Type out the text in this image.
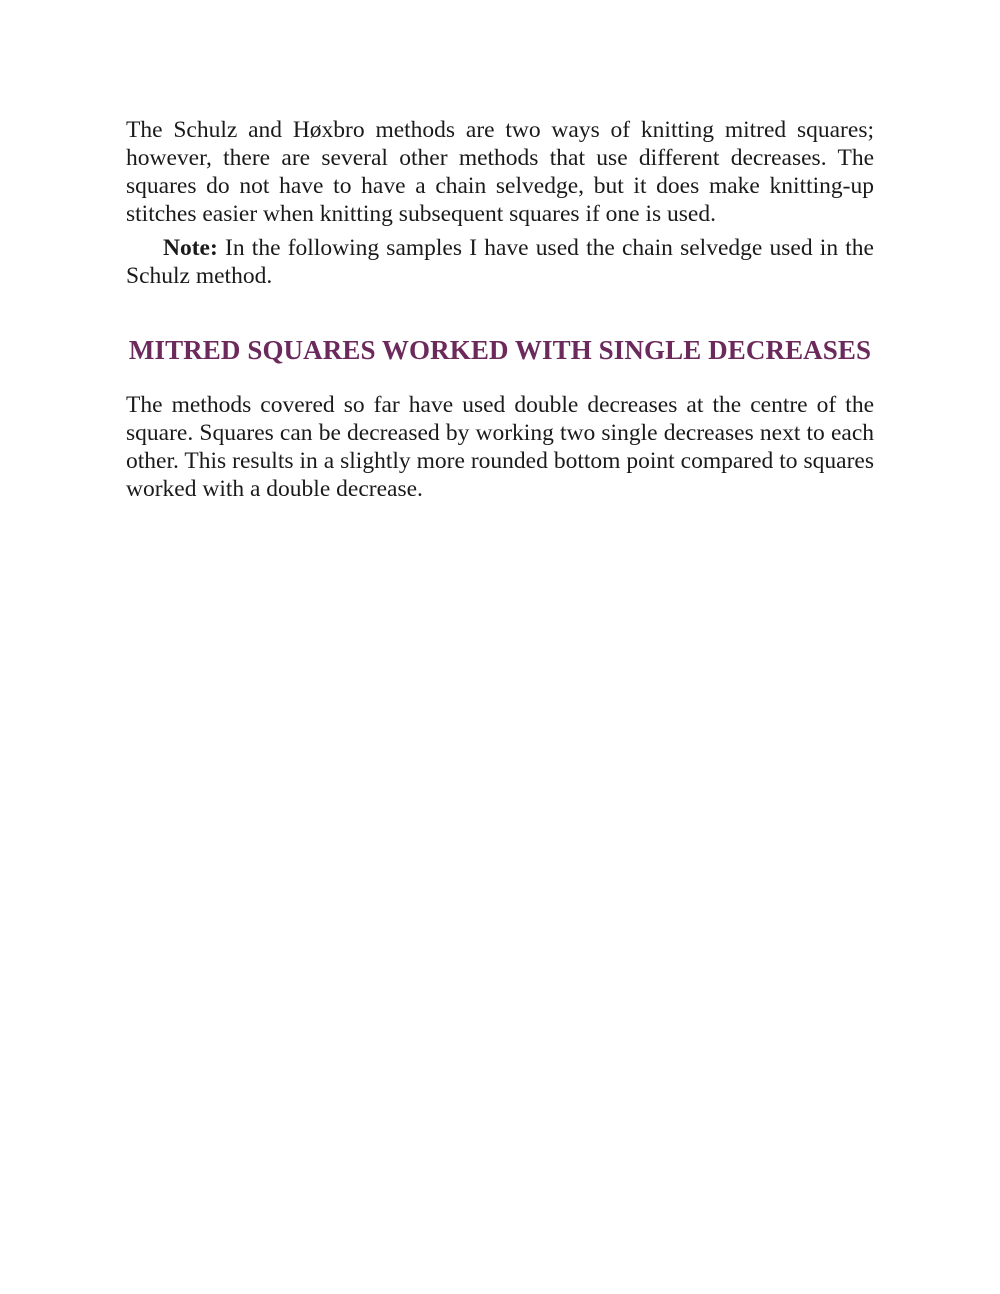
The Schulz and Høxbro methods are two ways of knitting mitred squares; however, there are several other methods that use different decreases. The squares do not have to have a chain selvedge, but it does make knitting-up stitches easier when knitting subsequent squares if one is used.

Note: In the following samples I have used the chain selvedge used in the Schulz method.

MITRED SQUARES WORKED WITH SINGLE DECREASES

The methods covered so far have used double decreases at the centre of the square. Squares can be decreased by working two single decreases next to each other. This results in a slightly more rounded bottom point compared to squares worked with a double decrease.
